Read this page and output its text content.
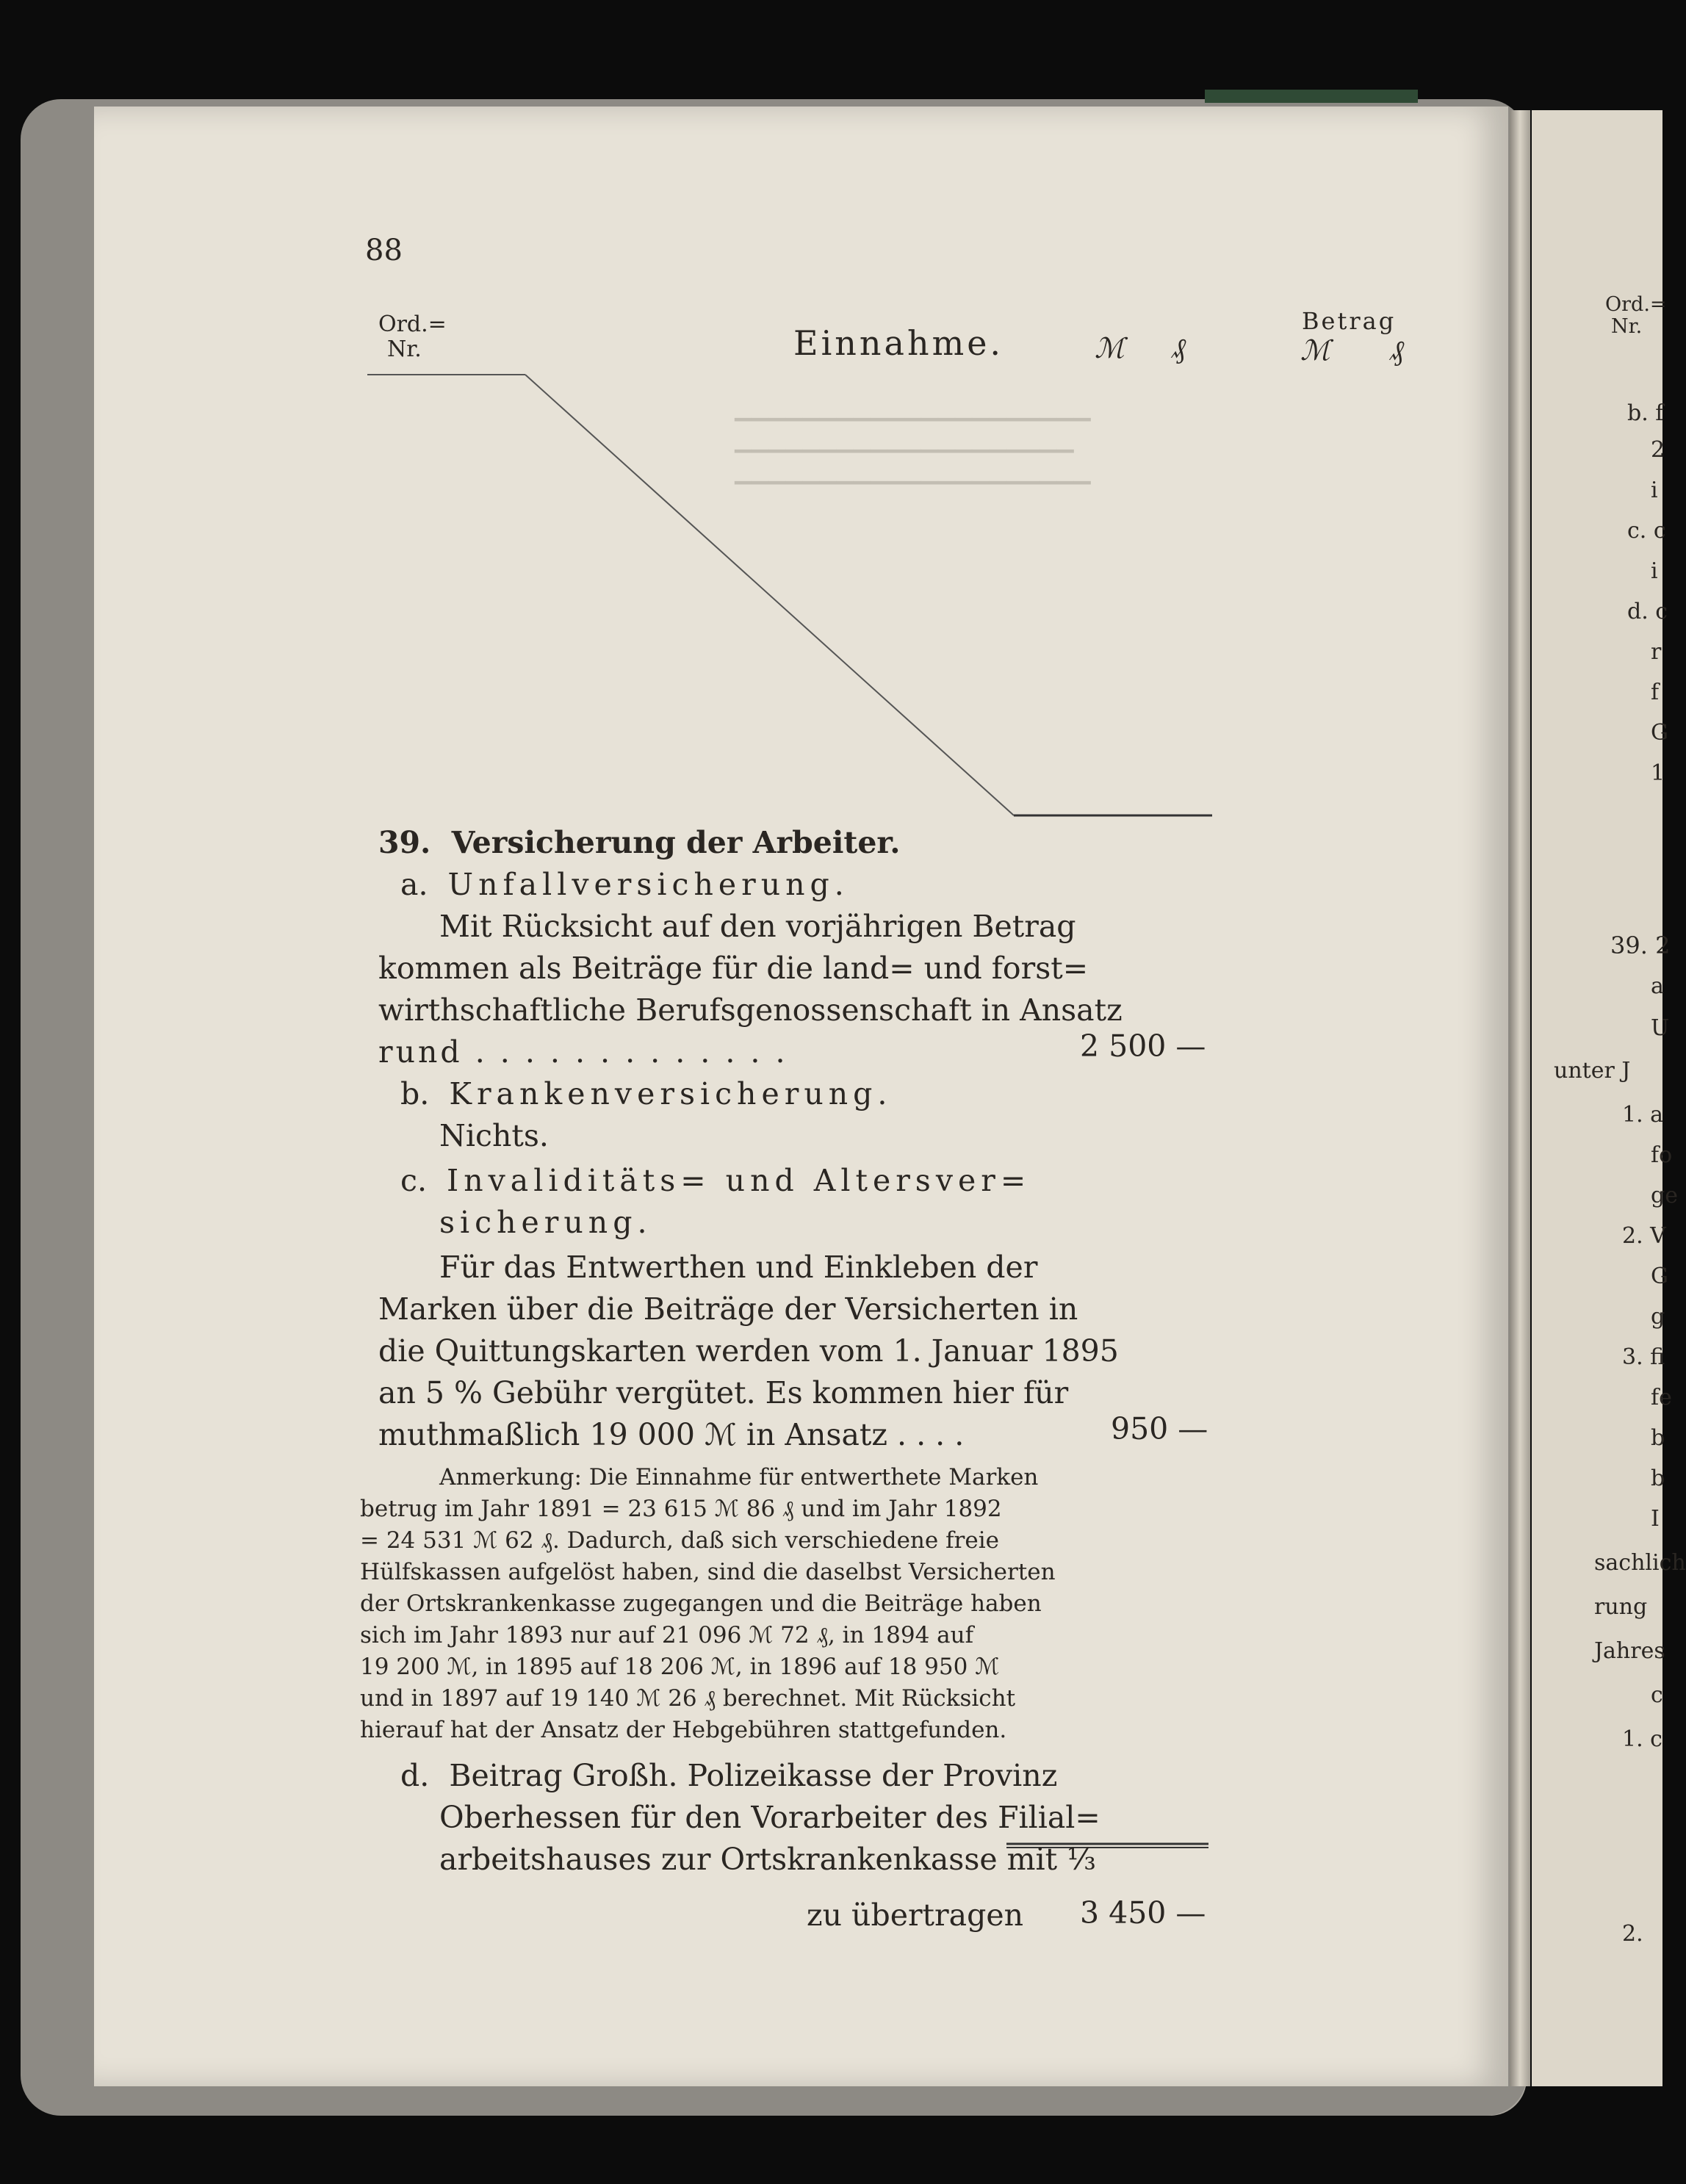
▁▁▁▁▁▁▁▁▁▁▁▁▁▁▁▁▁▁▁▁▁
▁▁▁▁▁▁▁▁▁▁▁▁▁▁▁▁▁▁▁▁
▁▁▁▁▁▁▁▁▁▁▁▁▁▁▁▁▁▁▁▁▁
88
Ord.=
Nr.	Einnahme.	ℳ ₰
Betrag
ℳ ₰
39. Versicherung der Arbeiter.
a. Unfallversicherung.
Mit Rücksicht auf den vorjährigen Betrag
kommen als Beiträge für die land= und forst=
wirthschaftliche Berufsgenossenschaft in Ansatz
rund . . . . . . . . . . . . .	2 500 —
b. Krankenversicherung.
Nichts.
c. Invaliditäts= und Altersver=
sicherung.
Für das Entwerthen und Einkleben der
Marken über die Beiträge der Versicherten in
die Quittungskarten werden vom 1. Januar 1895
an 5 % Gebühr vergütet. Es kommen hier für
muthmaßlich 19 000 ℳ in Ansatz . . . .	950 —
Anmerkung: Die Einnahme für entwerthete Marken
betrug im Jahr 1891 = 23 615 ℳ 86 ₰ und im Jahr 1892
= 24 531 ℳ 62 ₰. Dadurch, daß sich verschiedene freie
Hülfskassen aufgelöst haben, sind die daselbst Versicherten
der Ortskrankenkasse zugegangen und die Beiträge haben
sich im Jahr 1893 nur auf 21 096 ℳ 72 ₰, in 1894 auf
19 200 ℳ, in 1895 auf 18 206 ℳ, in 1896 auf 18 950 ℳ
und in 1897 auf 19 140 ℳ 26 ₰ berechnet. Mit Rücksicht
hierauf hat der Ansatz der Hebgebühren stattgefunden.
d. Beitrag Großh. Polizeikasse der Provinz
Oberhessen für den Vorarbeiter des Filial=
arbeitshauses zur Ortskrankenkasse mit ⅓
zu übertragen 3 450 —
Ord.=
Nr.
b. f
2
i
c. c
i
d. c
r
f
G
1
39. 2
a
U
unter J
1. a
fo
ge
2. V
G
g
3. fi
fe
b
b
I
sachlich
rung
Jahres
c
1. c
2.
